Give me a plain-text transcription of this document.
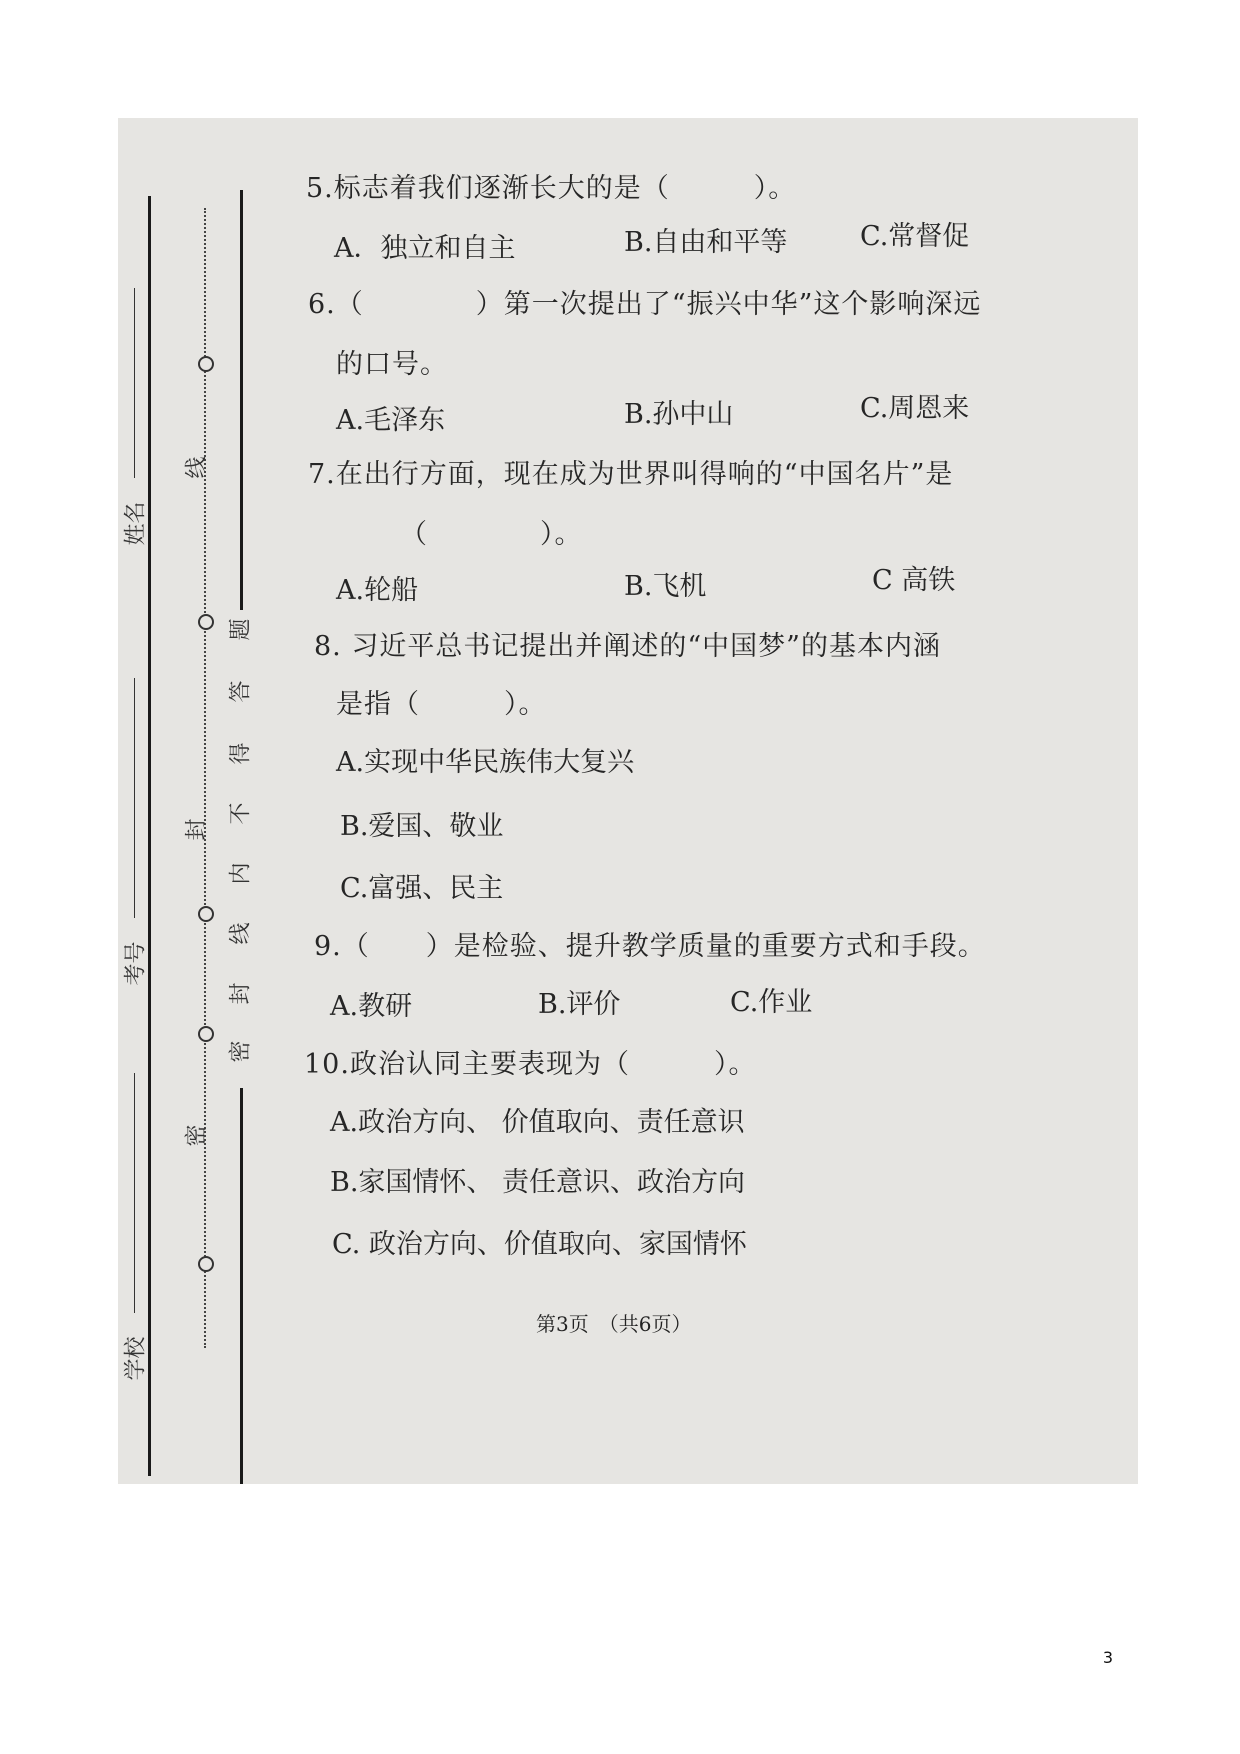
姓名
考号
学校
线
封
密
题
答
得
不
内
线
封
密
5.标志着我们逐渐长大的是（　　　）。
A．独立和自主	B.自由和平等	C.常督促
6.（　　　　）第一次提出了“振兴中华”这个影响深远
的口号。
A.毛泽东	B.孙中山	C.周恩来
7.在出行方面，现在成为世界叫得响的“中国名片”是
（　　　　）。
A.轮船	B.飞机	C 高铁
8. 习近平总书记提出并阐述的“中国梦”的基本内涵
是指（　　　）。
A.实现中华民族伟大复兴
B.爱国、敬业
C.富强、民主
9.（　　）是检验、提升教学质量的重要方式和手段。
A.教研	B.评价	C.作业
10.政治认同主要表现为（　　　）。
A.政治方向、 价值取向、责任意识
B.家国情怀、 责任意识、政治方向
C. 政治方向、价值取向、家国情怀
第3页　（共6页）
3
